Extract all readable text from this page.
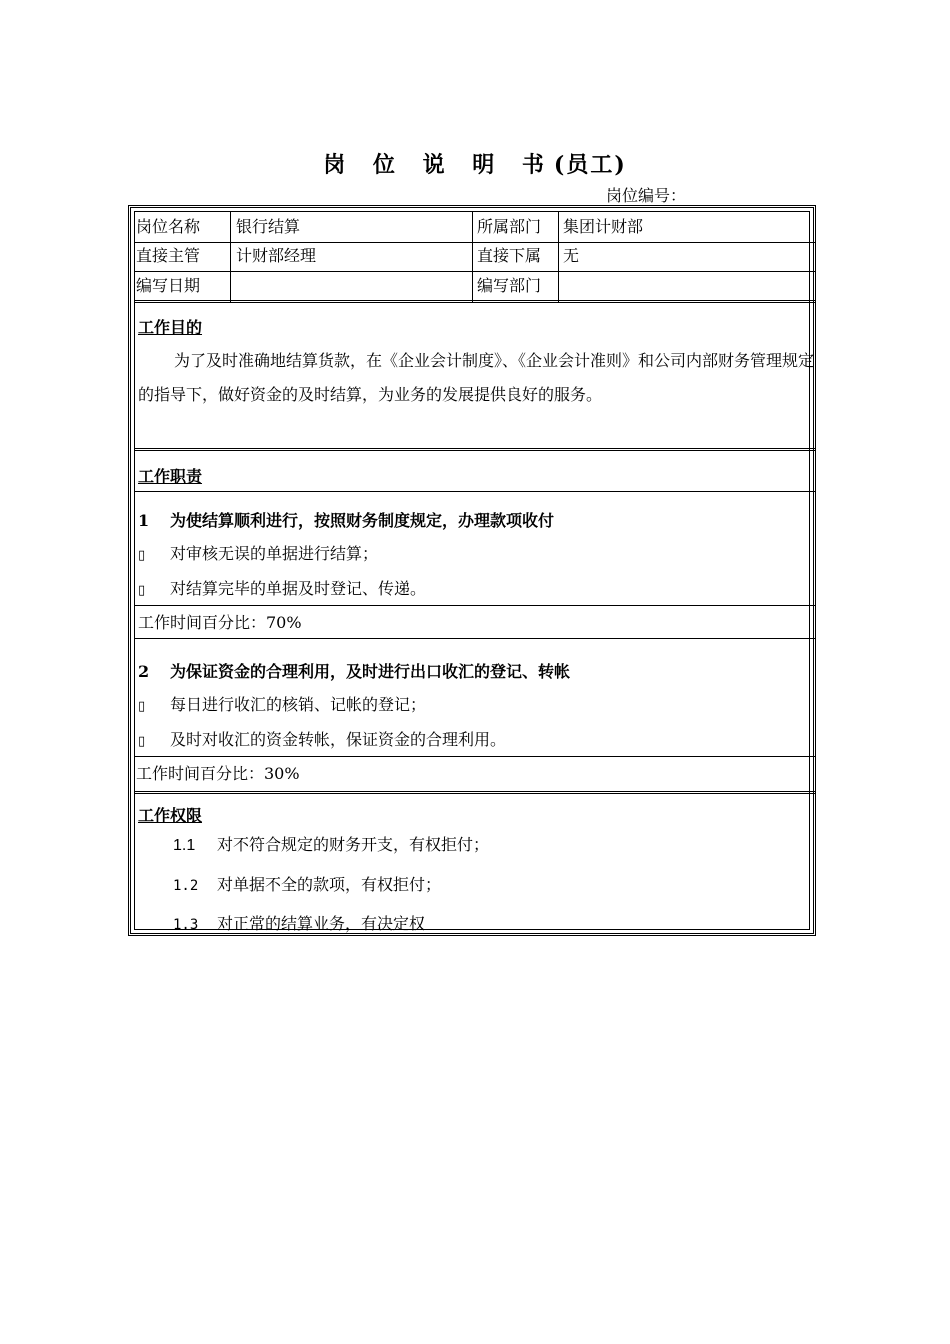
岗 位 说 明 书(员工)
岗位编号：
岗位名称 银行结算	所属部门 集团计财部
直接主管 计财部经理	直接下属 无
编写日期	编写部门
工作目的
为了及时准确地结算货款，在《企业会计制度》、《企业会计准则》和公司内部财务管理规定的指导下，做好资金的及时结算，为业务的发展提供良好的服务。
工作职责
1 为使结算顺利进行，按照财务制度规定，办理款项收付
▯ 对审核无误的单据进行结算；
▯ 对结算完毕的单据及时登记、传递。
工作时间百分比：70%
2 为保证资金的合理利用，及时进行出口收汇的登记、转帐
▯ 每日进行收汇的核销、记帐的登记；
▯ 及时对收汇的资金转帐，保证资金的合理利用。
工作时间百分比：30%
工作权限
1.1 对不符合规定的财务开支，有权拒付；
1.2 对单据不全的款项，有权拒付；
1.3 对正常的结算业务，有决定权
